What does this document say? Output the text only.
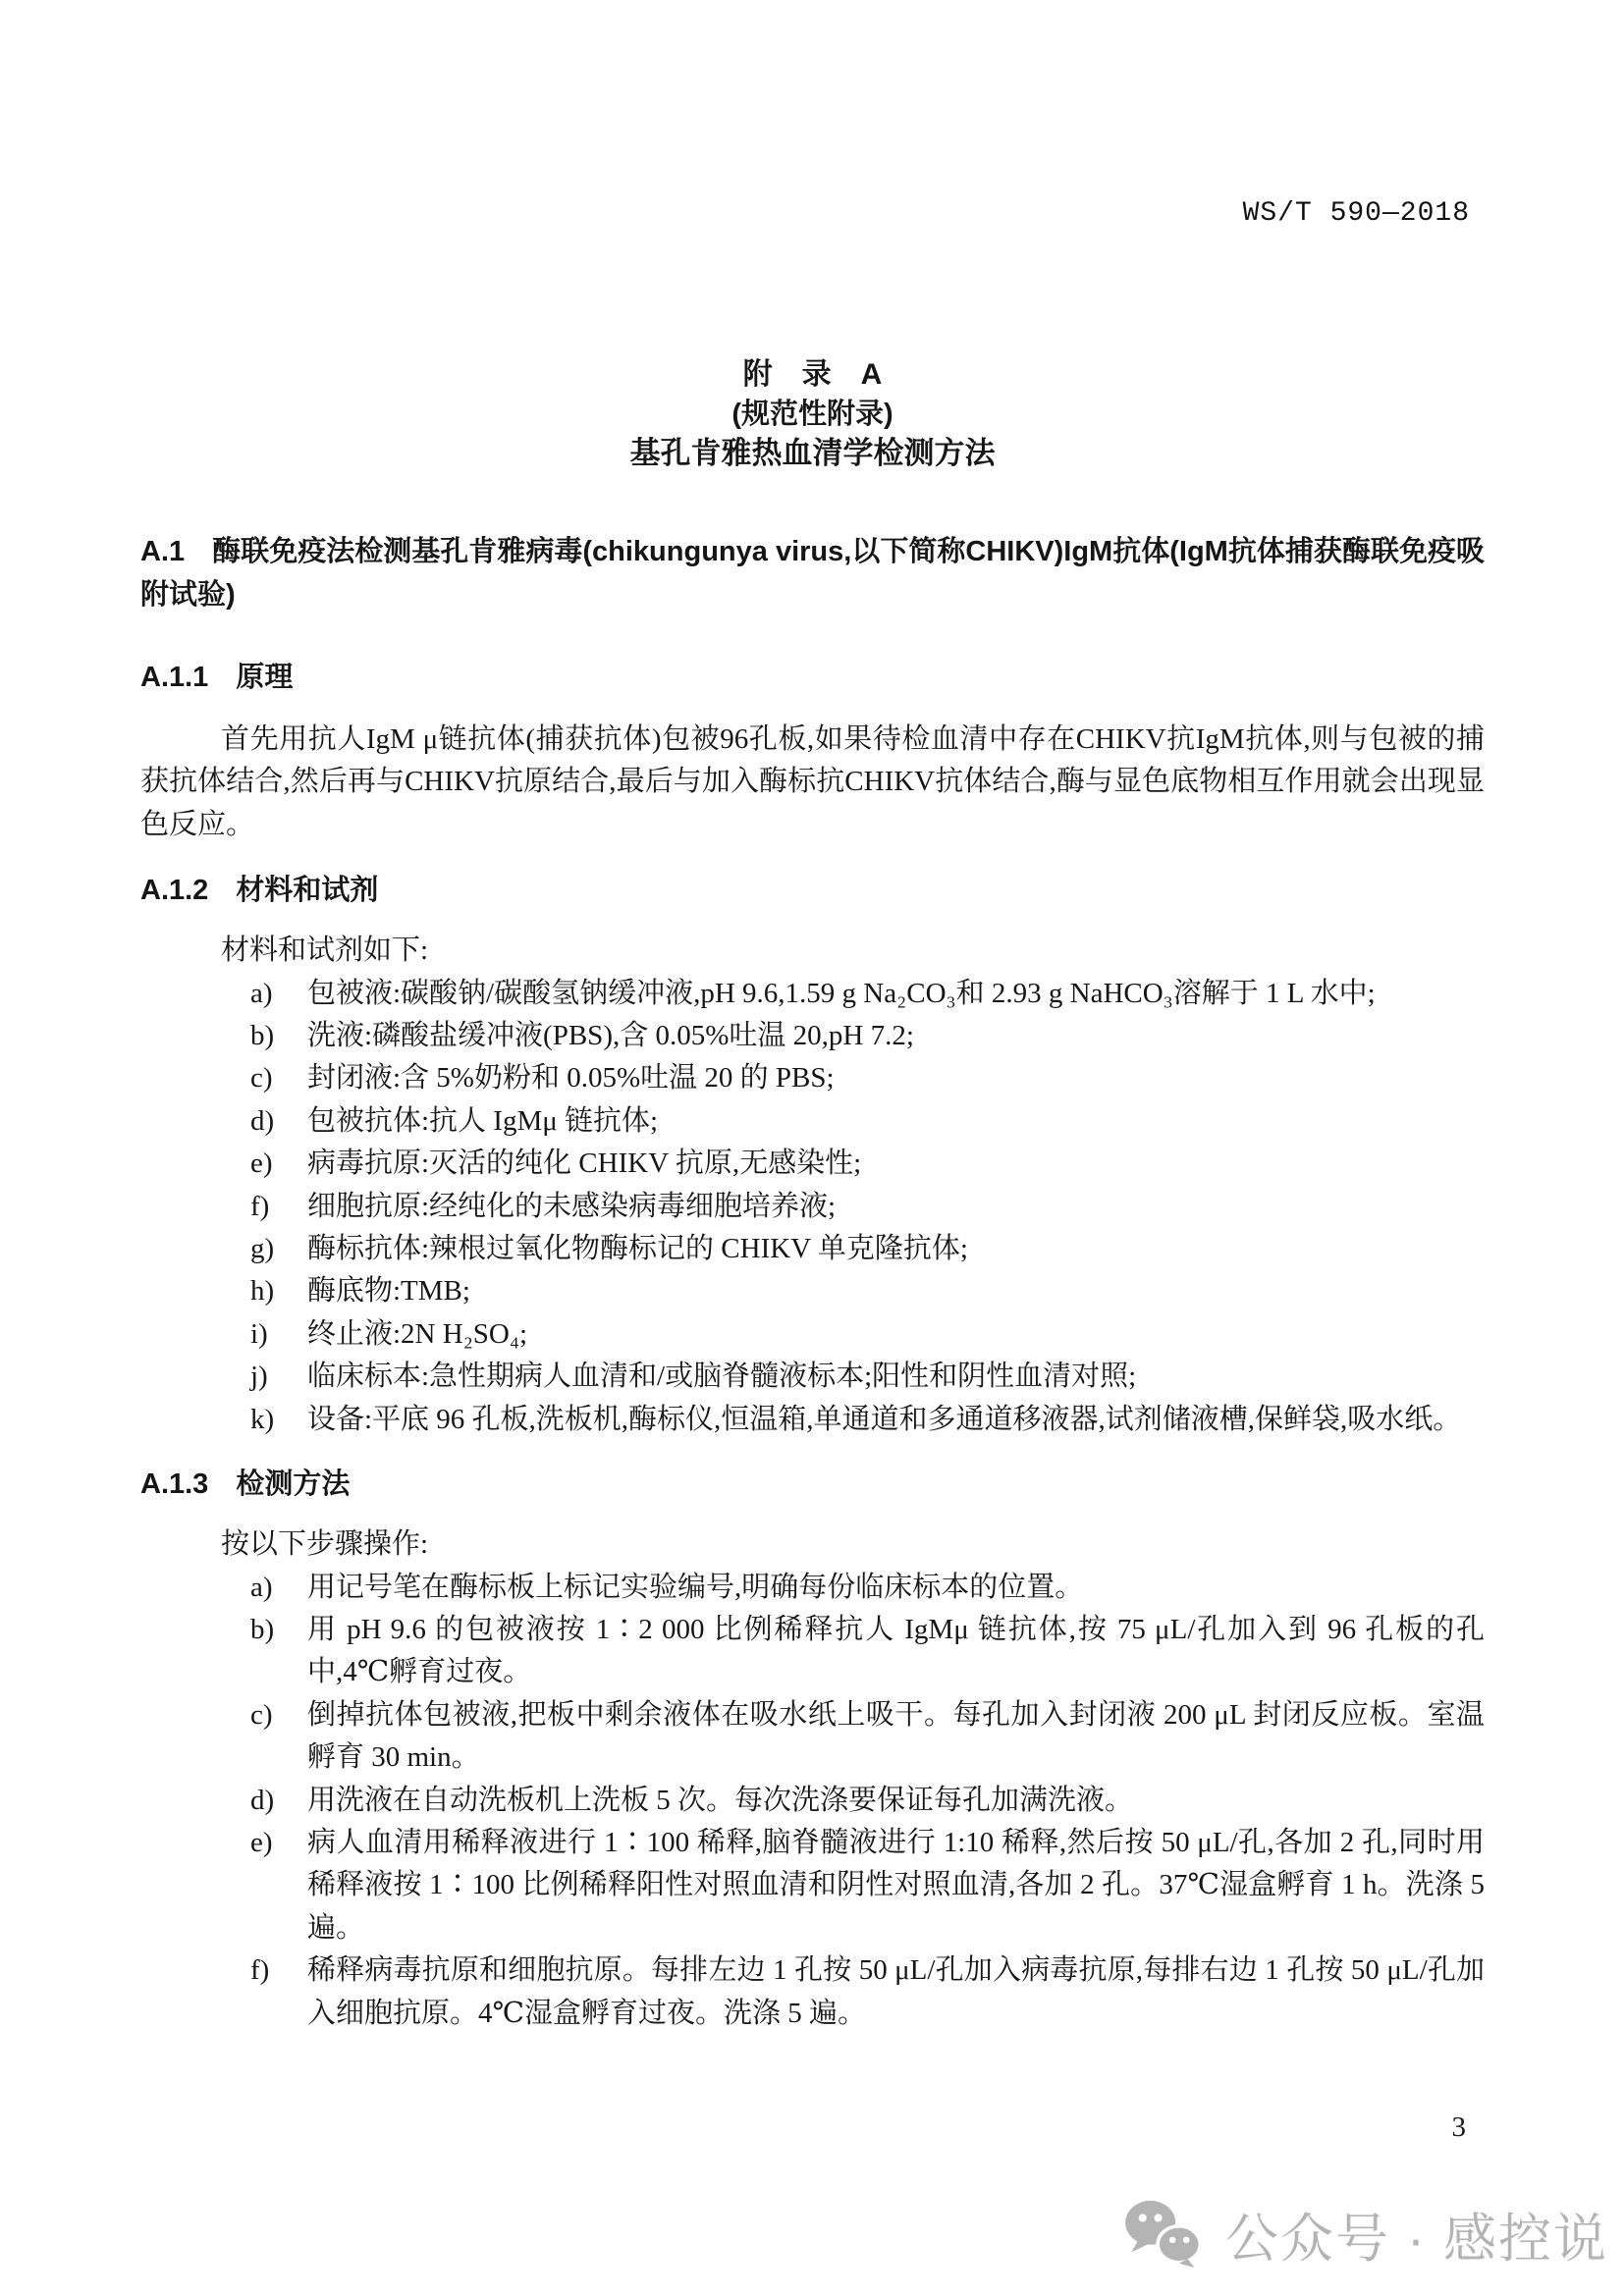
WS/T 590—2018
附　录　A
(规范性附录)
基孔肯雅热血清学检测方法
A.1 酶联免疫法检测基孔肯雅病毒(chikungunya virus,以下简称CHIKV)IgM抗体(IgM抗体捕获酶联免疫吸附试验)
A.1.1 原理
首先用抗人IgM μ链抗体(捕获抗体)包被96孔板,如果待检血清中存在CHIKV抗IgM抗体,则与包被的捕获抗体结合,然后再与CHIKV抗原结合,最后与加入酶标抗CHIKV抗体结合,酶与显色底物相互作用就会出现显色反应。
A.1.2 材料和试剂
材料和试剂如下:
a)	包被液:碳酸钠/碳酸氢钠缓冲液,pH 9.6,1.59 g Na₂CO₃和 2.93 g NaHCO₃溶解于 1 L 水中;
b)	洗液:磷酸盐缓冲液(PBS),含 0.05%吐温 20,pH 7.2;
c)	封闭液:含 5%奶粉和 0.05%吐温 20 的 PBS;
d)	包被抗体:抗人 IgMμ 链抗体;
e)	病毒抗原:灭活的纯化 CHIKV 抗原,无感染性;
f)	细胞抗原:经纯化的未感染病毒细胞培养液;
g)	酶标抗体:辣根过氧化物酶标记的 CHIKV 单克隆抗体;
h)	酶底物:TMB;
i)	终止液:2N H₂SO₄;
j)	临床标本:急性期病人血清和/或脑脊髓液标本;阳性和阴性血清对照;
k)	设备:平底 96 孔板,洗板机,酶标仪,恒温箱,单通道和多通道移液器,试剂储液槽,保鲜袋,吸水纸。
A.1.3 检测方法
按以下步骤操作:
a)	用记号笔在酶标板上标记实验编号,明确每份临床标本的位置。
b)	用 pH 9.6 的包被液按 1∶2 000 比例稀释抗人 IgMμ 链抗体,按 75 μL/孔加入到 96 孔板的孔中,4℃孵育过夜。
c)	倒掉抗体包被液,把板中剩余液体在吸水纸上吸干。每孔加入封闭液 200 μL 封闭反应板。室温孵育 30 min。
d)	用洗液在自动洗板机上洗板 5 次。每次洗涤要保证每孔加满洗液。
e)	病人血清用稀释液进行 1∶100 稀释,脑脊髓液进行 1:10 稀释,然后按 50 μL/孔,各加 2 孔,同时用稀释液按 1∶100 比例稀释阳性对照血清和阴性对照血清,各加 2 孔。37℃湿盒孵育 1 h。洗涤 5 遍。
f)	稀释病毒抗原和细胞抗原。每排左边 1 孔按 50 μL/孔加入病毒抗原,每排右边 1 孔按 50 μL/孔加入细胞抗原。4℃湿盒孵育过夜。洗涤 5 遍。
3
公众号 · 感控说
